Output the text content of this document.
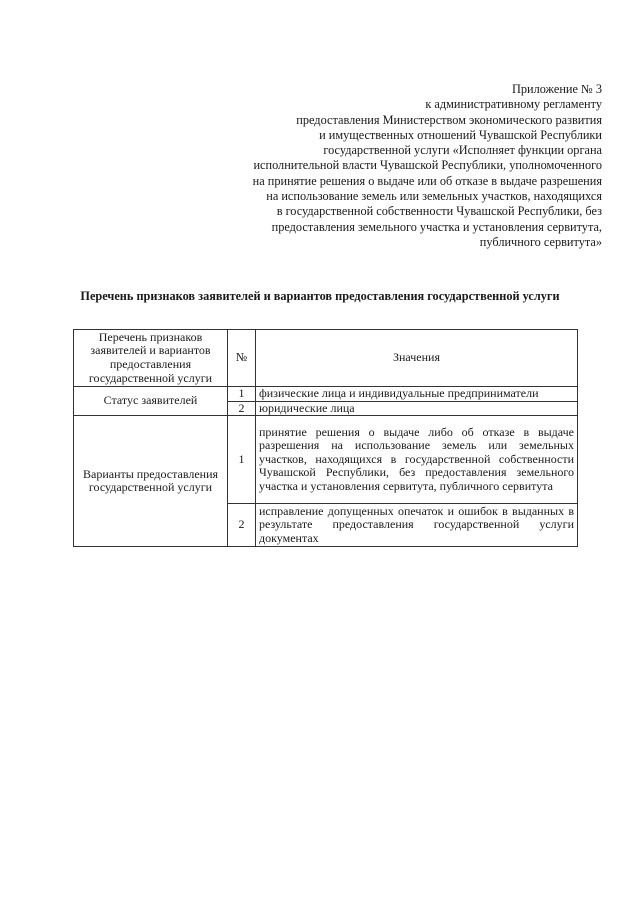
Приложение № 3
к административному регламенту
предоставления Министерством экономического развития
и имущественных отношений Чувашской Республики
государственной услуги «Исполняет функции органа
исполнительной власти Чувашской Республики, уполномоченного
на принятие решения о выдаче или об отказе в выдаче разрешения
на использование земель или земельных участков, находящихся
в государственной собственности Чувашской Республики, без
предоставления земельного участка и установления сервитута,
публичного сервитута»
Перечень признаков заявителей и вариантов предоставления государственной услуги
Перечень признаков заявителей и вариантов предоставления государственной услуги	№	Значения
Статус заявителей	1	физические лица и индивидуальные предприниматели
	2	юридические лица
Варианты предоставления государственной услуги	1	принятие решения о выдаче либо об отказе в выдаче разрешения на использование земель или земельных участков, находящихся в государственной собственности Чувашской Республики, без предоставления земельного участка и установления сервитута, публичного сервитута
	2	исправление допущенных опечаток и ошибок в выданных в результате предоставления государственной услуги документах
